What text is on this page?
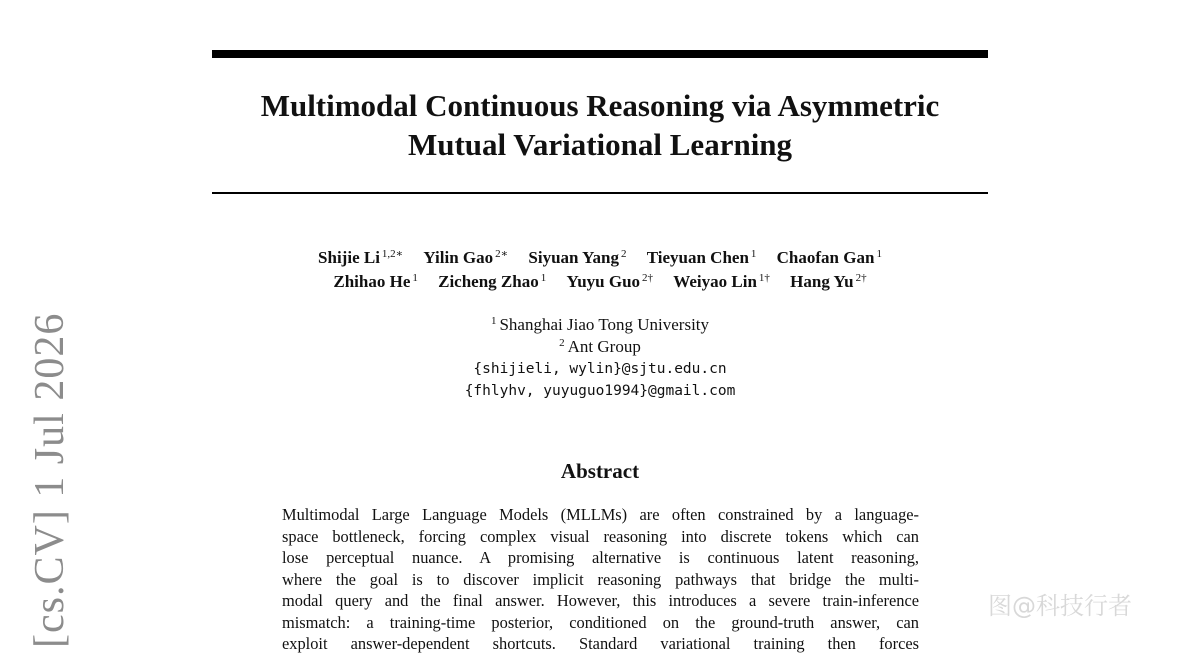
Multimodal Continuous Reasoning via Asymmetric
Mutual Variational Learning
Shijie Li $^{1,2∗}$ Yilin Gao $^{2∗}$ Siyuan Yang $^2$ Tieyuan Chen $^1$ Chaofan Gan $^1$
Zhihao He $^1$ Zicheng Zhao $^1$ Yuyu Guo $^{2\dagger}$ Weiyao Lin $^{1\dagger}$ Hang Yu $^{2\dagger}$
$^1$ Shanghai Jiao Tong University
$^2$ Ant Group
{shijieli, wylin}@sjtu.edu.cn
{fhlyhv, yuyuguo1994}@gmail.com
Abstract
Multimodal Large Language Models (MLLMs) are often constrained by a language-
space bottleneck, forcing complex visual reasoning into discrete tokens which can
lose perceptual nuance. A promising alternative is continuous latent reasoning,
where the goal is to discover implicit reasoning pathways that bridge the multi-
modal query and the final answer. However, this introduces a severe train-inference
mismatch: a training-time posterior, conditioned on the ground-truth answer, can
exploit answer-dependent shortcuts. Standard variational training then forces
[cs.CV] 1 Jul 2026	图@科技行者
